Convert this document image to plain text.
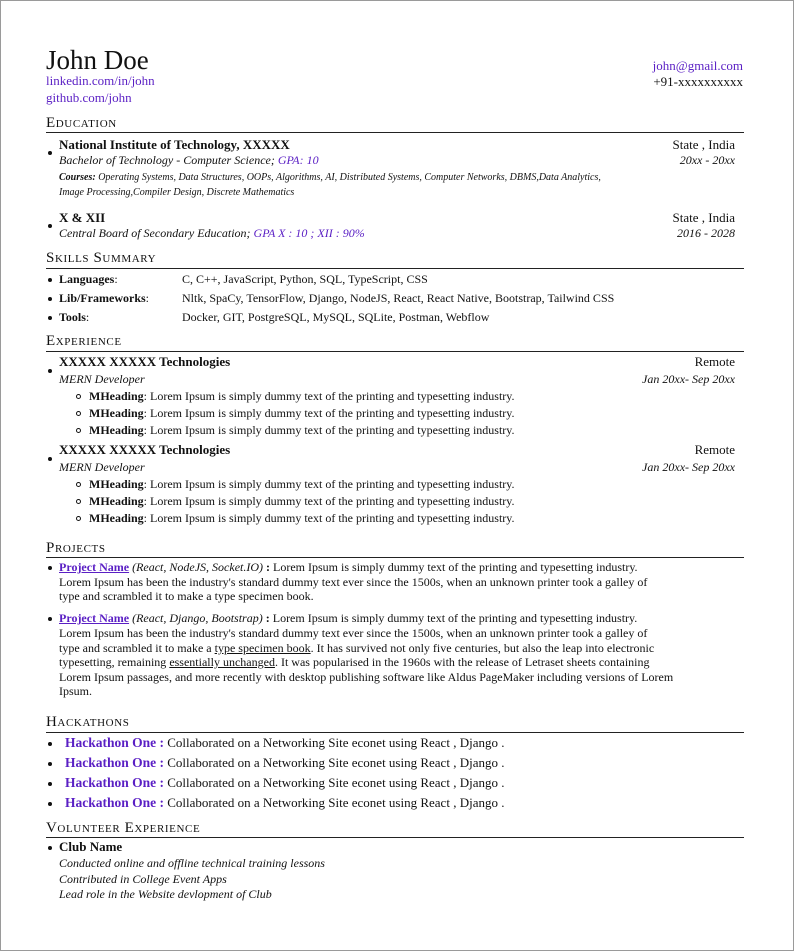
John Doe
linkedin.com/in/john
github.com/john
john@gmail.com
+91-xxxxxxxxxx
Education
National Institute of Technology, XXXXX	State , India
Bachelor of Technology - Computer Science; GPA: 10	20xx - 20xx
Courses: Operating Systems, Data Structures, OOPs, Algorithms, AI, Distributed Systems, Computer Networks, DBMS,Data Analytics,
Image Processing,Compiler Design, Discrete Mathematics
X & XII	State , India
Central Board of Secondary Education; GPA X : 10 ; XII : 90%	2016 - 2028
Skills Summary
Languages:	C, C++, JavaScript, Python, SQL, TypeScript, CSS
Lib/Frameworks:	Nltk, SpaCy, TensorFlow, Django, NodeJS, React, React Native, Bootstrap, Tailwind CSS
Tools:	Docker, GIT, PostgreSQL, MySQL, SQLite, Postman, Webflow
Experience
XXXXX XXXXX Technologies	Remote
MERN Developer	Jan 20xx- Sep 20xx
MHeading: Lorem Ipsum is simply dummy text of the printing and typesetting industry.
MHeading: Lorem Ipsum is simply dummy text of the printing and typesetting industry.
MHeading: Lorem Ipsum is simply dummy text of the printing and typesetting industry.
XXXXX XXXXX Technologies	Remote
MERN Developer	Jan 20xx- Sep 20xx
MHeading: Lorem Ipsum is simply dummy text of the printing and typesetting industry.
MHeading: Lorem Ipsum is simply dummy text of the printing and typesetting industry.
MHeading: Lorem Ipsum is simply dummy text of the printing and typesetting industry.
Projects
Project Name (React, NodeJS, Socket.IO) : Lorem Ipsum is simply dummy text of the printing and typesetting industry.
Lorem Ipsum has been the industry's standard dummy text ever since the 1500s, when an unknown printer took a galley of
type and scrambled it to make a type specimen book.
Project Name (React, Django, Bootstrap) : Lorem Ipsum is simply dummy text of the printing and typesetting industry.
Lorem Ipsum has been the industry's standard dummy text ever since the 1500s, when an unknown printer took a galley of
type and scrambled it to make a type specimen book. It has survived not only five centuries, but also the leap into electronic
typesetting, remaining essentially unchanged. It was popularised in the 1960s with the release of Letraset sheets containing
Lorem Ipsum passages, and more recently with desktop publishing software like Aldus PageMaker including versions of Lorem
Ipsum.
Hackathons
Hackathon One : Collaborated on a Networking Site econet using React , Django .
Hackathon One : Collaborated on a Networking Site econet using React , Django .
Hackathon One : Collaborated on a Networking Site econet using React , Django .
Hackathon One : Collaborated on a Networking Site econet using React , Django .
Volunteer Experience
Club Name
Conducted online and offline technical training lessons
Contributed in College Event Apps
Lead role in the Website devlopment of Club
